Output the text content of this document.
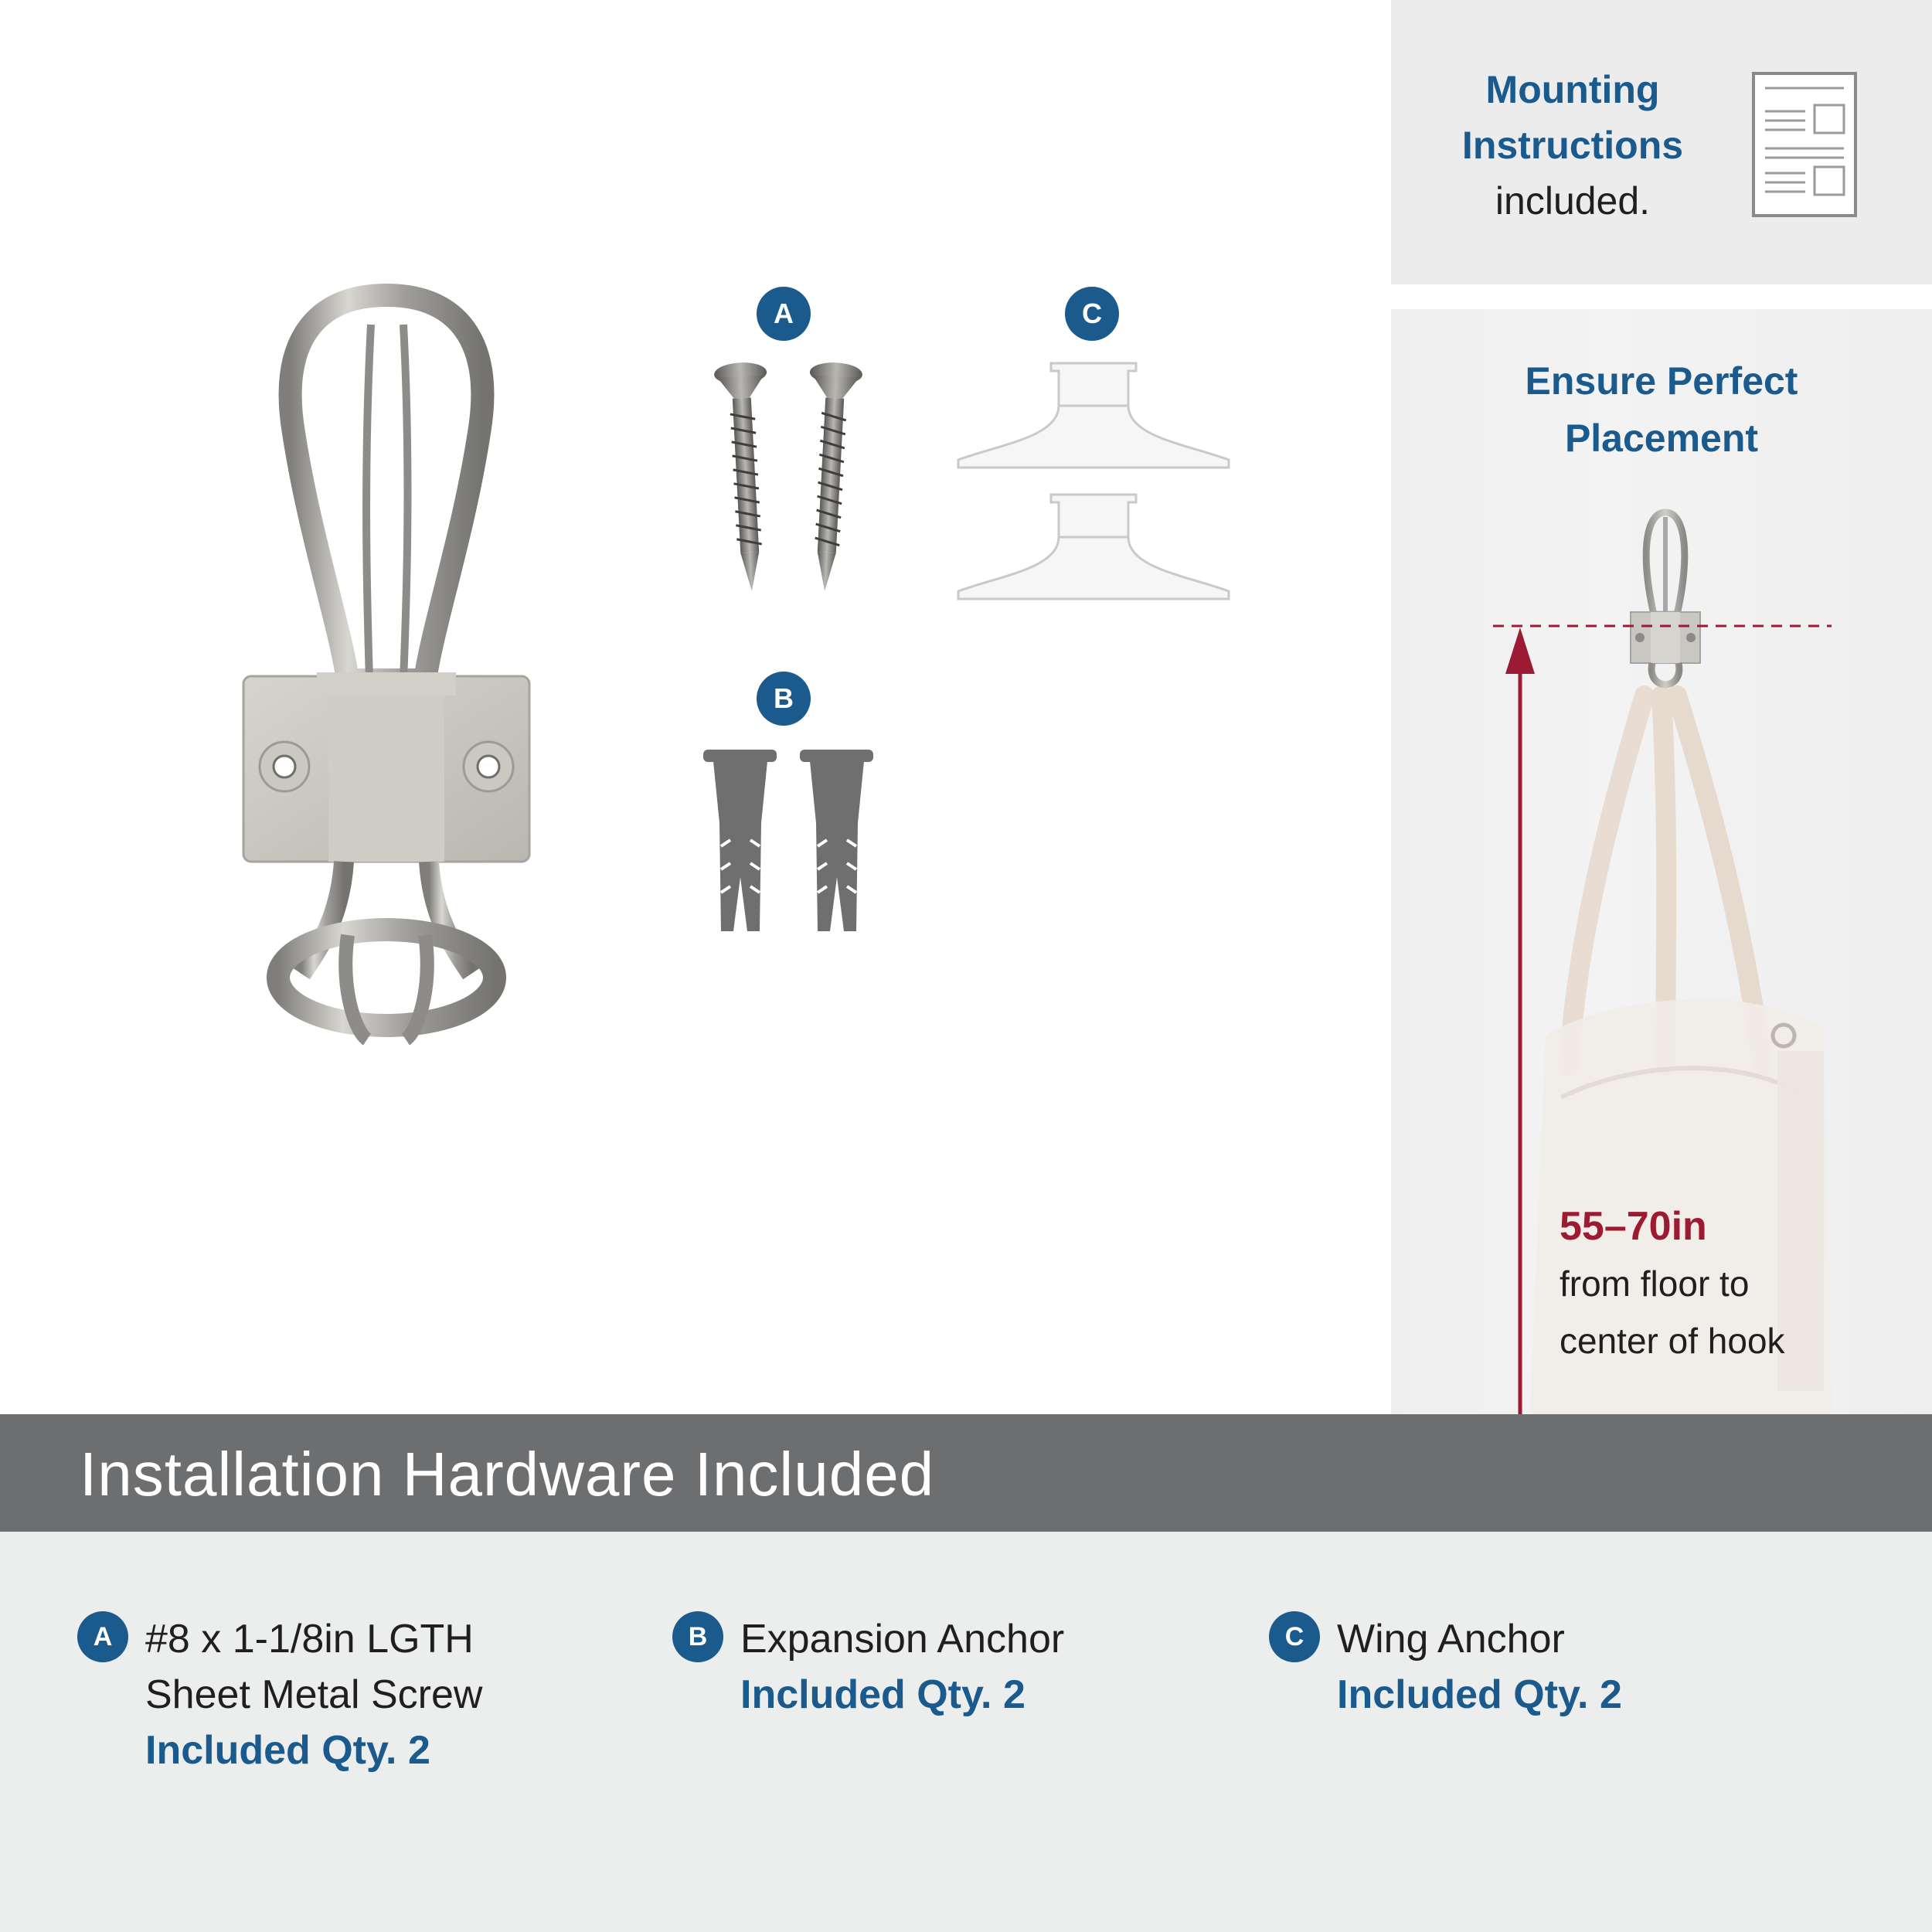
Mounting
Instructions
included.
Ensure Perfect
Placement
55–70in
from floor to
center of hook
A	C
B
Installation Hardware Included
A #8 x 1-1/8in LGTH
Sheet Metal Screw
Included Qty. 2
B Expansion Anchor
Included Qty. 2
C Wing Anchor
Included Qty. 2
